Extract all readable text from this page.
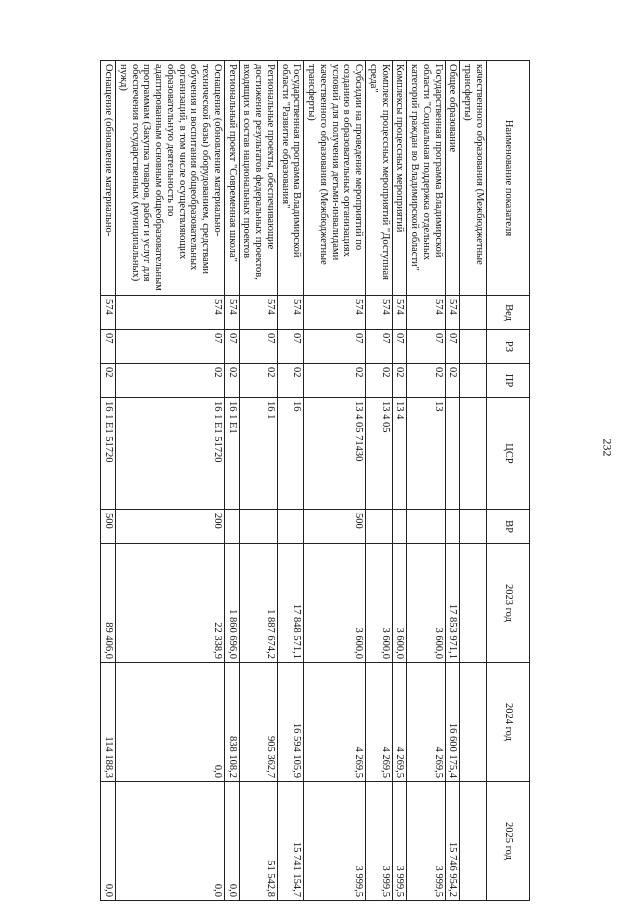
232
Наименование показателя	Вед	РЗ	ПР	ЦСР	ВР	2023 год	2024 год	2025 год
качественного образования (Межбюджетные трансферты)								
Общее образование	574	07	02			17 853 971,1	16 600 175,4	15 746 954,2
Государственная программа Владимирской области "Социальная поддержка отдельных категорий граждан во Владимирской области"	574	07	02	13		3 600,0	4 269,5	3 999,5
Комплексы процессных мероприятий	574	07	02	13 4		3 600,0	4 269,5	3 999,5
Комплекс процессных мероприятий "Доступная среда"	574	07	02	13 4 05		3 600,0	4 269,5	3 999,5
Субсидии на проведение мероприятий по созданию в образовательных организациях условий для получения детьми-инвалидами качественного образования (Межбюджетные трансферты)	574	07	02	13 4 05 71430	500	3 600,0	4 269,5	3 999,5
Государственная программа Владимирской области "Развитие образования"	574	07	02	16		17 848 571,1	16 594 105,9	15 741 154,7
Региональные проекты, обеспечивающие достижение результатов федеральных проектов, входящих в состав национальных проектов	574	07	02	16 1		1 887 674,2	905 362,7	51 542,8
Региональный проект "Современная школа"	574	07	02	16 1 E1		1 860 696,0	838 108,2	0,0
Оснащение (обновление материально-технической базы) оборудованием, средствами обучения и воспитания общеобразовательных организаций, в том числе осуществляющих образовательную деятельность по адаптированным основным общеобразовательным программам (Закупка товаров, работ и услуг для обеспечения государственных (муниципальных) нужд)	574	07	02	16 1 E1 51720	200	22 338,9	0,0	0,0
Оснащение (обновление материально-	574	07	02	16 1 E1 51720	500	89 406,0	114 188,3	0,0
